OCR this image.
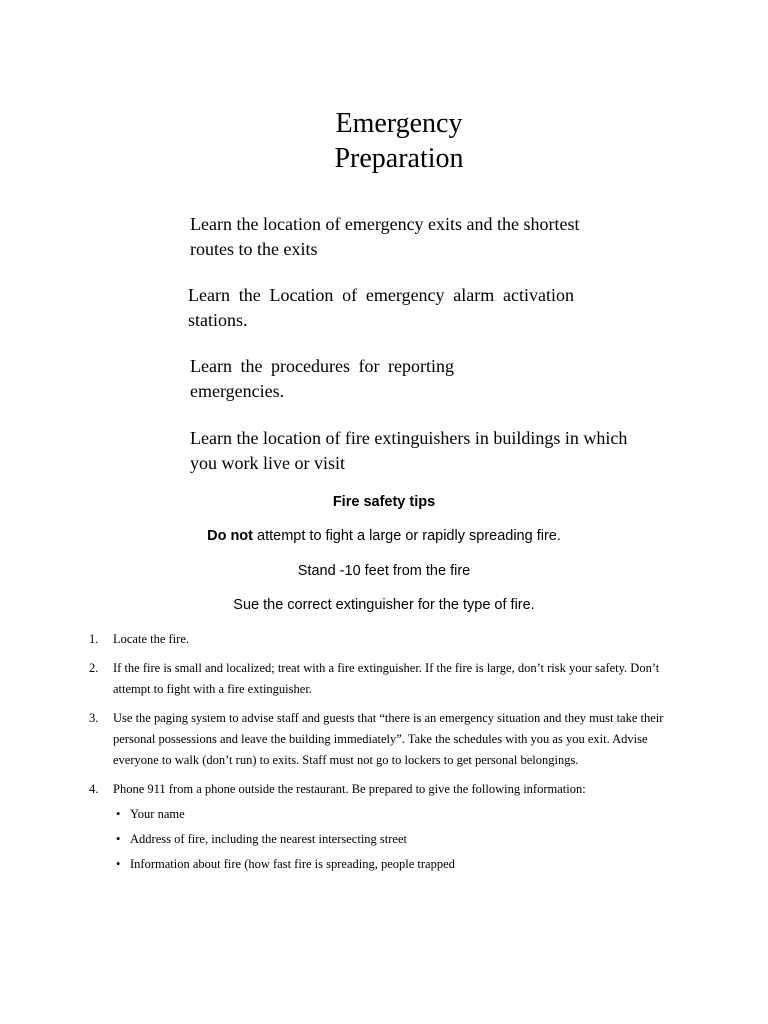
Emergency
Preparation

Learn the location of emergency exits and the shortest routes to the exits

Learn the Location of emergency alarm activation stations.

Learn the procedures for reporting emergencies.

Learn the location of fire extinguishers in buildings in which you work live or visit

Fire safety tips
Do not attempt to fight a large or rapidly spreading fire.
Stand -10 feet from the fire
Sue the correct extinguisher for the type of fire.
1. Locate the fire.
2. If the fire is small and localized; treat with a fire extinguisher. If the fire is large, don’t risk your safety. Don’t attempt to fight with a fire extinguisher.
3. Use the paging system to advise staff and guests that “there is an emergency situation and they must take their personal possessions and leave the building immediately”. Take the schedules with you as you exit. Advise everyone to walk (don’t run) to exits. Staff must not go to lockers to get personal belongings.
4. Phone 911 from a phone outside the restaurant. Be prepared to give the following information:
• Your name
• Address of fire, including the nearest intersecting street
• Information about fire (how fast fire is spreading, people trapped
